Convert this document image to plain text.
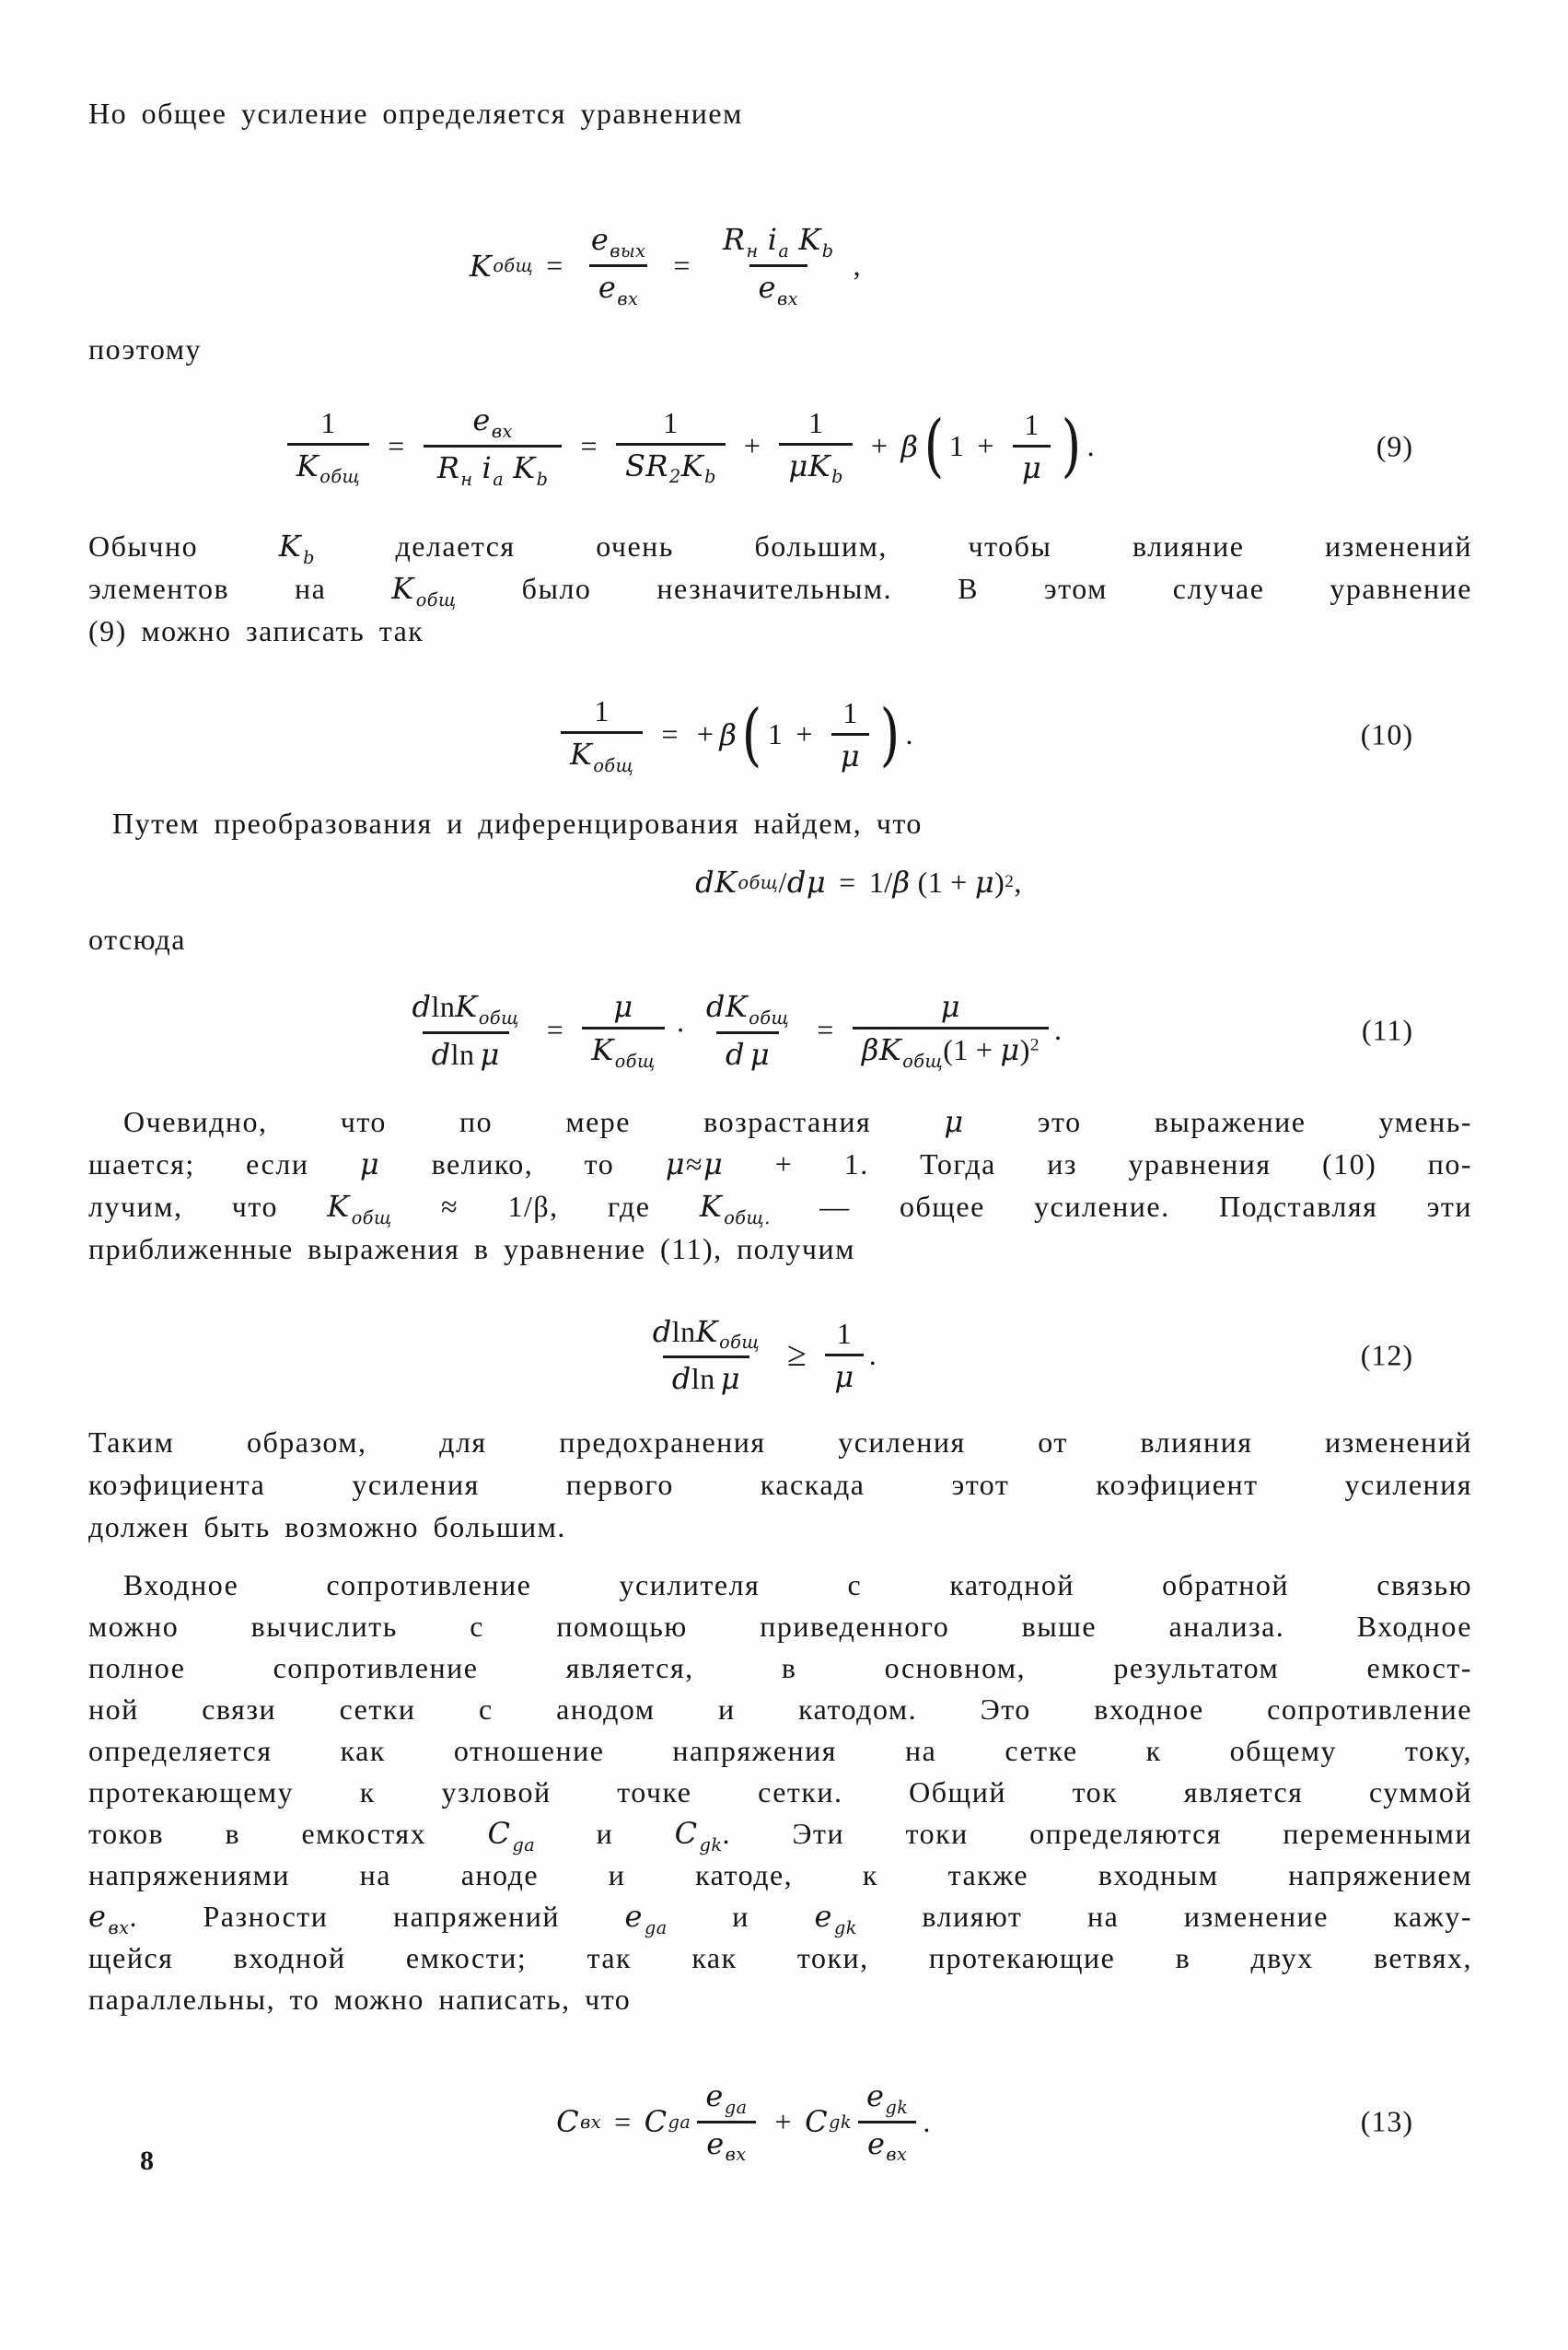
Но общее усиление определяется уравнением
K общ = $\frac{e_{вых}}{e_{вх}} = \frac{R_н i_a K_b}{e_{вх}}$ ,
поэтому
$\frac{1}{K_{общ}} = \frac{e_{вх}}{R_н i_a K_b} = \frac{1}{SR_2K_b} + \frac{1}{\mu K_b} + \beta$ ( $1 + \frac{1}{\mu}$ ) .	(9)
Обычно $K_b$ делается очень большим, чтобы влияние изменений
элементов на $K_{общ}$ было незначительным. В этом случае уравнение
(9) можно записать так
$\frac{1}{K_{общ}}$ = + β ( $1 + \frac{1}{\mu}$ ) .	(10)
Путем преобразования и диференцирования найдем, что
d K общ / d μ = 1 / β ( 1 + μ ) 2 ,
отсюда
$\frac{dlnK_{общ}}{\text{dln μ}} = \frac{\mu}{K_{общ}} \cdot \frac{dK_{общ}}{\text{d μ}} = \frac{\mu}{\beta K_{общ}(1 + \mu)^2}$ .	(11)
Очевидно, что по мере возрастания μ это выражение умень-
шается; если μ велико, то μ≈μ + 1. Тогда из уравнения (10) по-
лучим, что $K_{общ} \approx 1/\beta$, где $K_{общ.}$ — общее усиление. Подставляя эти
приближенные выражения в уравнение (11), получим
$\frac{dlnK_{общ}}{\text{dln μ}} \ge \frac{1}{\mu}$ .	(12)
Таким образом, для предохранения усиления от влияния изменений
коэфициента усиления первого каскада этот коэфициент усиления
должен быть возможно большим.
Входное сопротивление усилителя с катодной обратной связью
можно вычислить с помощью приведенного выше анализа. Входное
полное сопротивление является, в основном, результатом емкост-
ной связи сетки с анодом и катодом. Это входное сопротивление
определяется как отношение напряжения на сетке к общему току,
протекающему к узловой точке сетки. Общий ток является суммой
токов в емкостях $C_{ga}$ и $C_{gk}$. Эти токи определяются переменными
напряжениями на аноде и катоде, к также входным напряжением
$e_{вх}$. Разности напряжений $e_{ga}$ и $e_{gk}$ влияют на изменение кажу-
щейся входной емкости; так как токи, протекающие в двух ветвях,
параллельны, то можно написать, что
C вх = C ga $\frac{e_{ga}}{e_{вх}} + C$ gk $\frac{e_{gk}}{e_{вх}}$ .	(13)
8
